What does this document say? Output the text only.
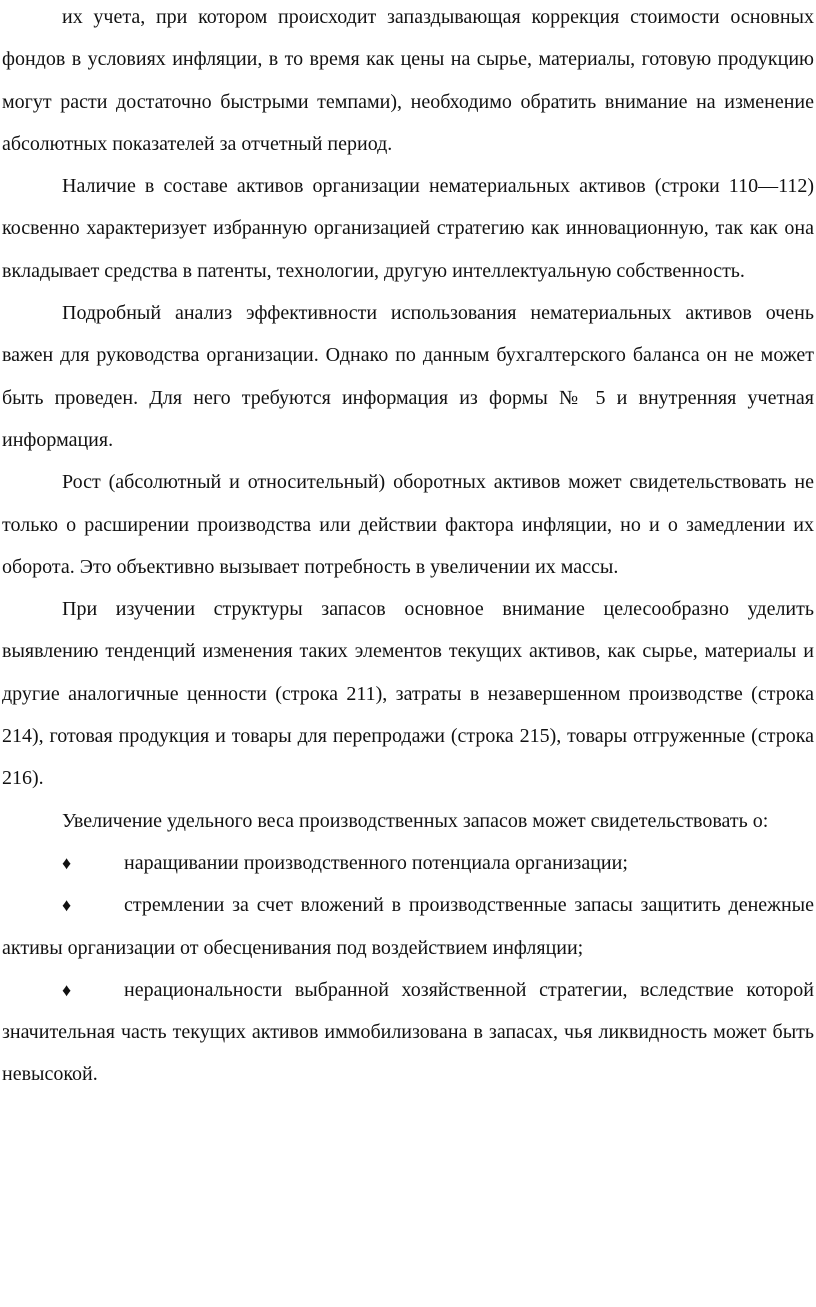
их учета, при котором происходит запаздывающая коррекция стоимости основных фондов в условиях инфляции, в то время как цены на сырье, материалы, готовую продукцию могут расти достаточно быстрыми темпами), необходимо обратить внимание на изменение абсолютных показателей за отчетный период.

Наличие в составе активов организации нематериальных активов (строки 110—112) косвенно характеризует избранную организацией стратегию как инновационную, так как она вкладывает средства в патенты, технологии, другую интеллектуальную собственность.

Подробный анализ эффективности использования нематериальных активов очень важен для руководства организации. Однако по данным бухгалтерского баланса он не может быть проведен. Для него требуются информация из формы № 5 и внутренняя учетная информация.

Рост (абсолютный и относительный) оборотных активов может свидетельствовать не только о расширении производства или действии фактора инфляции, но и о замедлении их оборота. Это объективно вызывает потребность в увеличении их массы.

При изучении структуры запасов основное внимание целесообразно уделить выявлению тенденций изменения таких элементов текущих активов, как сырье, материалы и другие аналогичные ценности (строка 211), затраты в незавершенном производстве (строка 214), готовая продукция и товары для перепродажи (строка 215), товары отгруженные (строка 216).

Увеличение удельного веса производственных запасов может свидетельствовать о:

♦	наращивании производственного потенциала организации;

♦	стремлении за счет вложений в производственные запасы защитить денежные активы организации от обесценивания под воздействием инфляции;

♦	нерациональности выбранной хозяйственной стратегии, вследствие которой значительная часть текущих активов иммобилизована в запасах, чья ликвидность может быть невысокой.
